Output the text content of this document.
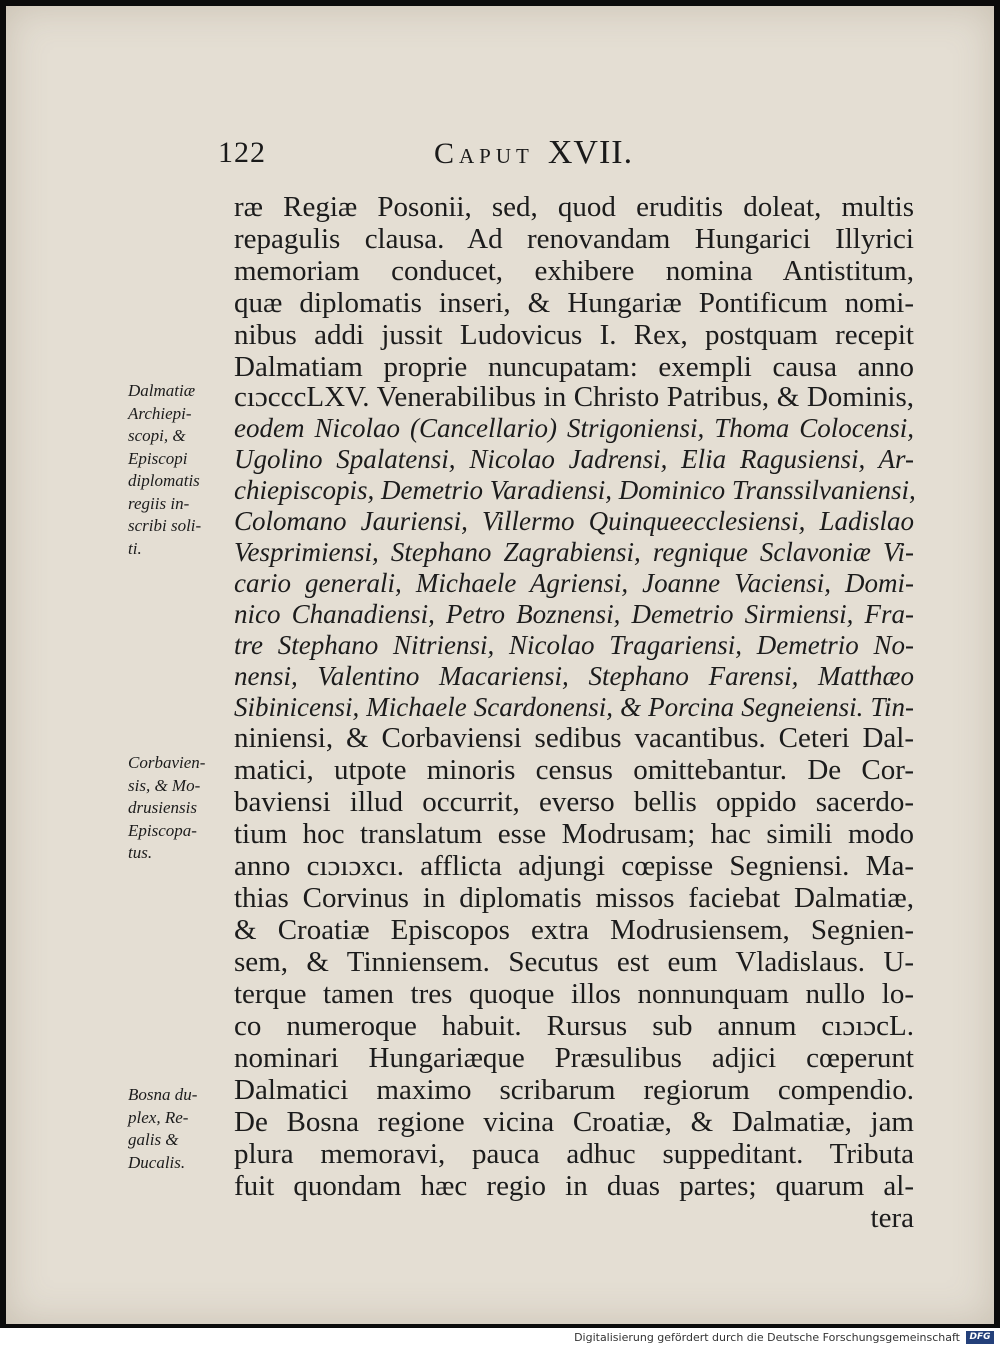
122	Caput XVII.
ræ Regiæ Posonii, sed, quod eruditis doleat, multis
repagulis clausa. Ad renovandam Hungarici Illyrici
memoriam conducet, exhibere nomina Antistitum,
quæ diplomatis inseri, & Hungariæ Pontificum nomi-
nibus addi jussit Ludovicus I. Rex, postquam recepit
Dalmatiam proprie nuncupatam: exempli causa anno
cıɔcccLXV. Venerabilibus in Christo Patribus, & Dominis,
eodem Nicolao (Cancellario) Strigoniensi, Thoma Colocensi,
Ugolino Spalatensi, Nicolao Jadrensi, Elia Ragusiensi, Ar-
chiepiscopis, Demetrio Varadiensi, Dominico Transsilvaniensi,
Colomano Jauriensi, Villermo Quinqueecclesiensi, Ladislao
Vesprimiensi, Stephano Zagrabiensi, regnique Sclavoniæ Vi-
cario generali, Michaele Agriensi, Joanne Vaciensi, Domi-
nico Chanadiensi, Petro Boznensi, Demetrio Sirmiensi, Fra-
tre Stephano Nitriensi, Nicolao Tragariensi, Demetrio No-
nensi, Valentino Macariensi, Stephano Farensi, Matthæo
Sibinicensi, Michaele Scardonensi, & Porcina Segneiensi. Tin-
niniensi, & Corbaviensi sedibus vacantibus. Ceteri Dal-
matici, utpote minoris census omittebantur. De Cor-
baviensi illud occurrit, everso bellis oppido sacerdo-
tium hoc translatum esse Modrusam; hac simili modo
anno cıɔıɔxcı. afflicta adjungi cœpisse Segniensi. Ma-
thias Corvinus in diplomatis missos faciebat Dalmatiæ,
& Croatiæ Episcopos extra Modrusiensem, Segnien-
sem, & Tinniensem. Secutus est eum Vladislaus. U-
terque tamen tres quoque illos nonnunquam nullo lo-
co numeroque habuit. Rursus sub annum cıɔıɔcL.
nominari Hungariæque Præsulibus adjici cœperunt
Dalmatici maximo scribarum regiorum compendio.
De Bosna regione vicina Croatiæ, & Dalmatiæ, jam
plura memoravi, pauca adhuc suppeditant. Tributa
fuit quondam hæc regio in duas partes; quarum al-
tera
Dalmatiæ
Archiepi-
scopi, &
Episcopi
diplomatis
regiis in-
scribi soli-
ti.
Corbavien-
sis, & Mo-
drusiensis
Episcopa-
tus.
Bosna du-
plex, Re-
galis &
Ducalis.
Digitalisierung gefördert durch die Deutsche Forschungsgemeinschaft	DFG
